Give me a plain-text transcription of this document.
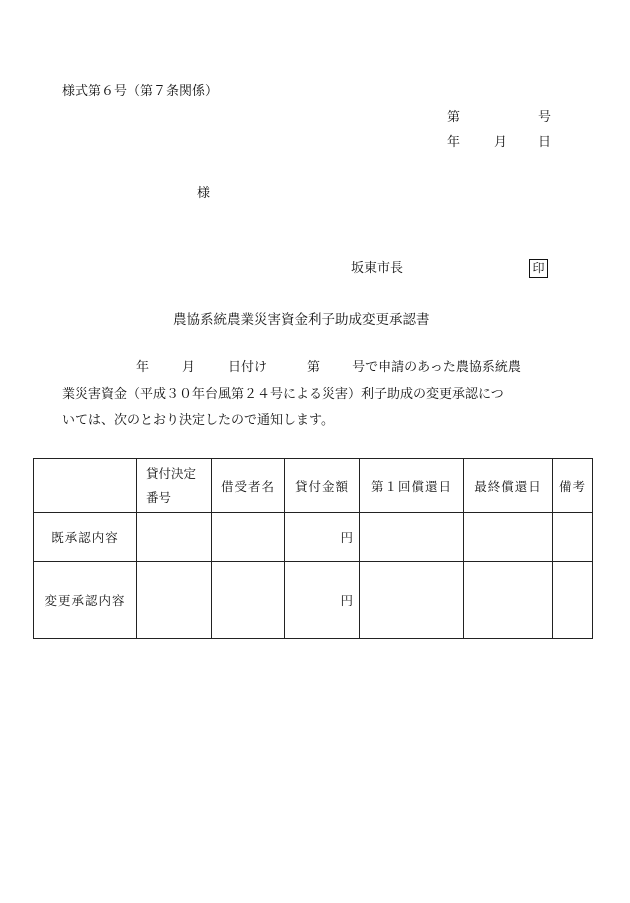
様式第６号（第７条関係）
第	号
年	月 日
様
坂東市長	印
農協系統農業災害資金利子助成変更承認書
年	月	日付け	第 号で申請のあった農協系統農
業災害資金（平成３０年台風第２４号による災害）利子助成の変更承認につ
いては、次のとおり決定したので通知します。

	貸付決定
番号	借受者名	貸付金額	第１回償還日	最終償還日	備考
既承認内容			円			
変更承認内容			円			
